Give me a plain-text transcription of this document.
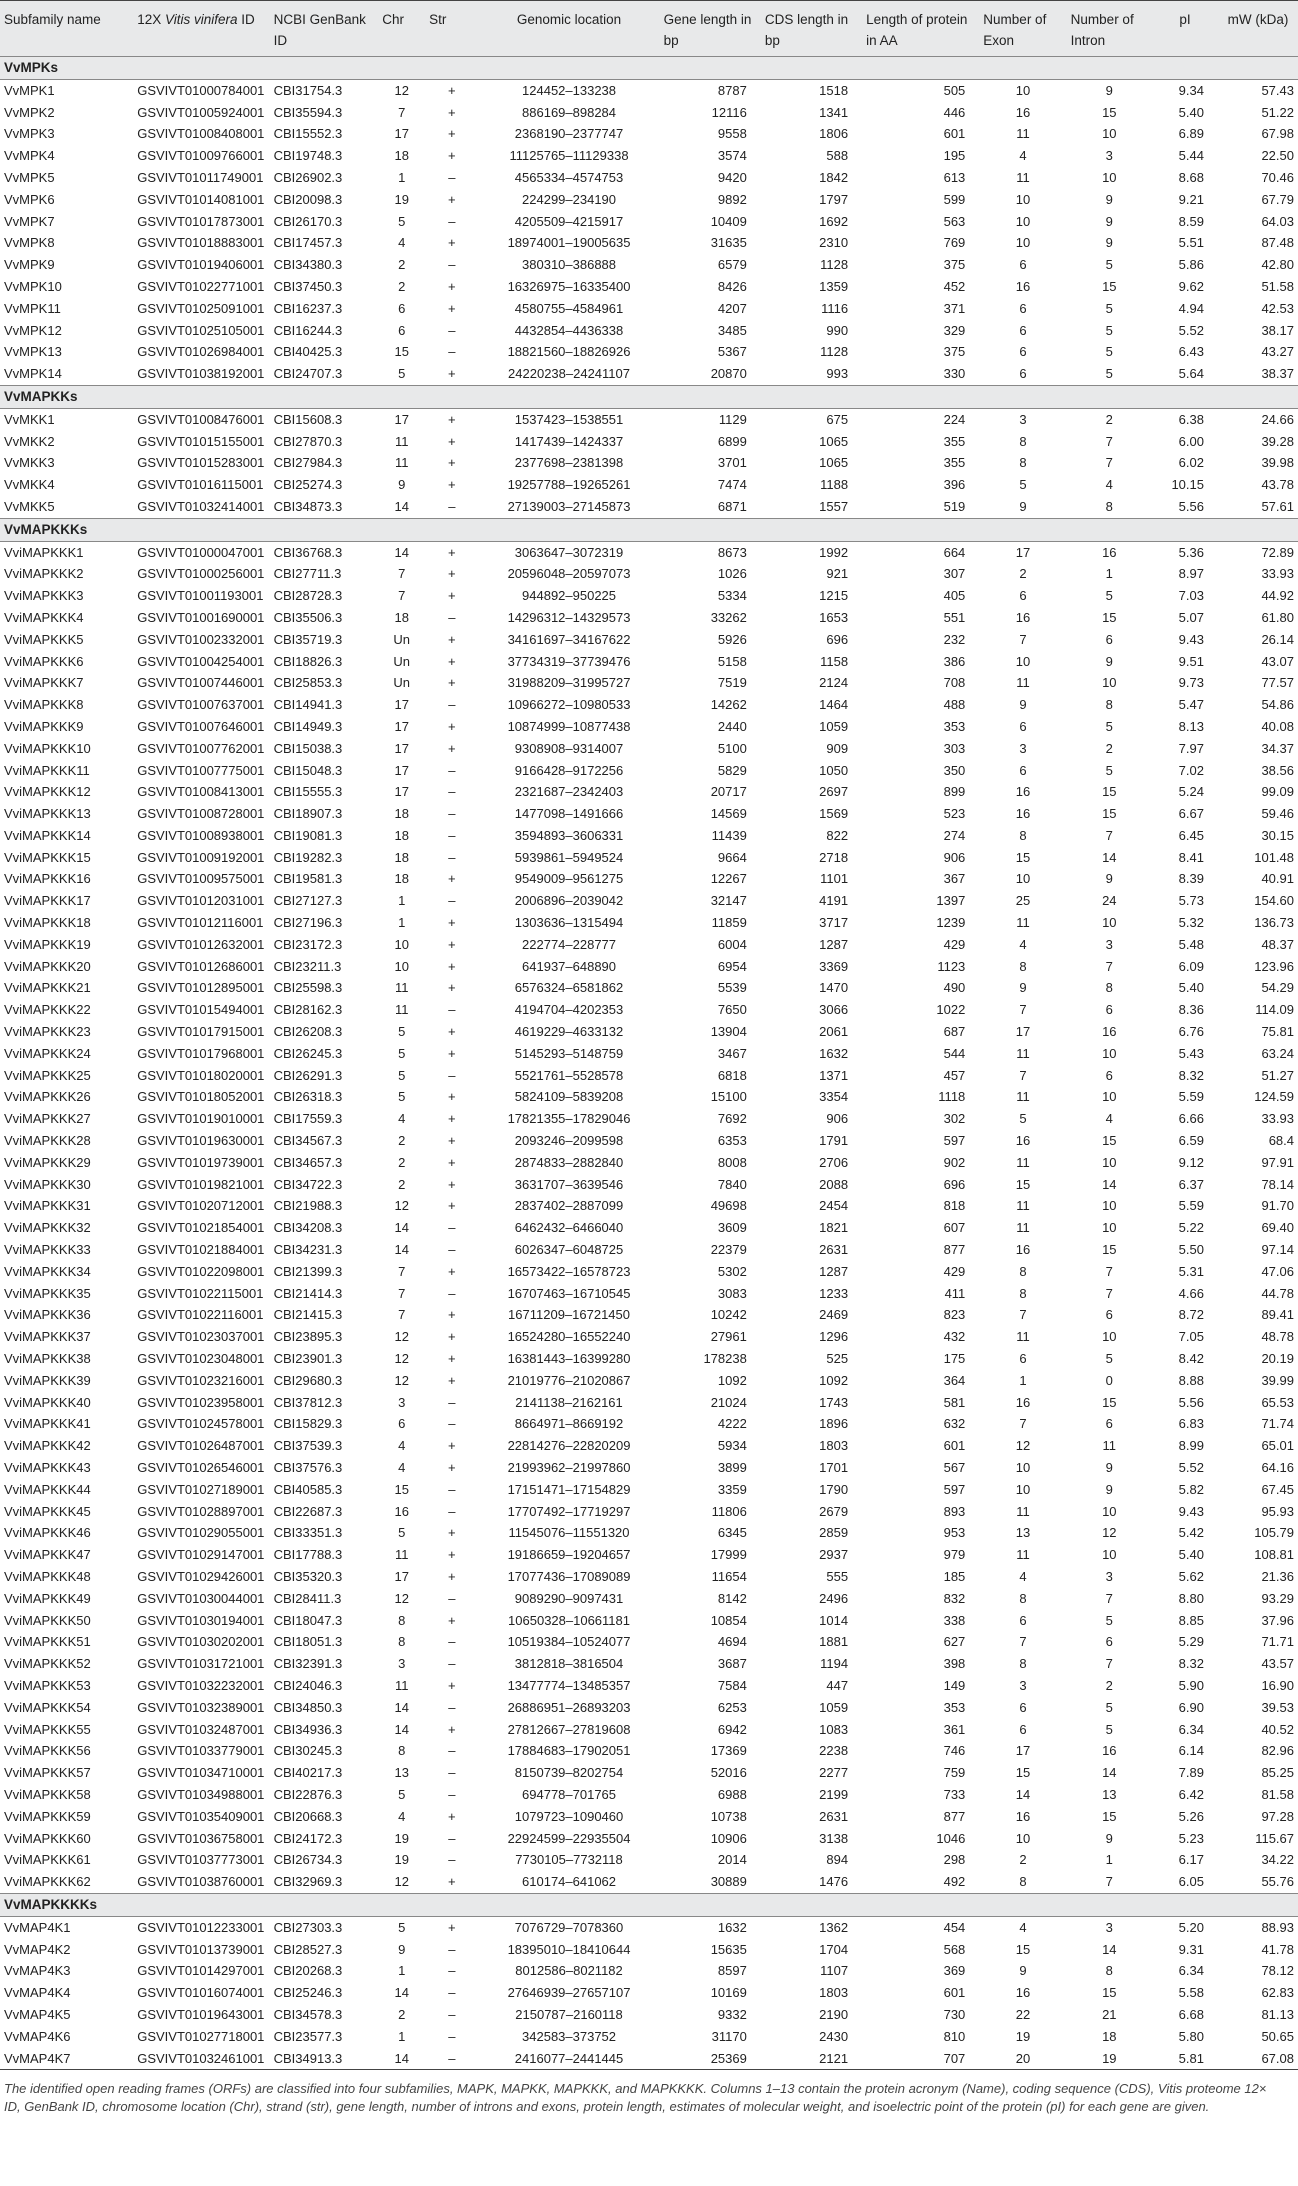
Subfamily name	12X Vitis vinifera ID	NCBI GenBank ID	Chr	Str	Genomic location	Gene length in bp	CDS length in bp	Length of protein in AA	Number of Exon	Number of Intron	pI	mW (kDa)
VvMPKs												
VvMPK1	GSVIVT01000784001	CBI31754.3	12	+	124452–133238	8787	1518	505	10	9	9.34	57.43
VvMPK2	GSVIVT01005924001	CBI35594.3	7	+	886169–898284	12116	1341	446	16	15	5.40	51.22
VvMPK3	GSVIVT01008408001	CBI15552.3	17	+	2368190–2377747	9558	1806	601	11	10	6.89	67.98
VvMPK4	GSVIVT01009766001	CBI19748.3	18	+	11125765–11129338	3574	588	195	4	3	5.44	22.50
VvMPK5	GSVIVT01011749001	CBI26902.3	1	–	4565334–4574753	9420	1842	613	11	10	8.68	70.46
VvMPK6	GSVIVT01014081001	CBI20098.3	19	+	224299–234190	9892	1797	599	10	9	9.21	67.79
VvMPK7	GSVIVT01017873001	CBI26170.3	5	–	4205509–4215917	10409	1692	563	10	9	8.59	64.03
VvMPK8	GSVIVT01018883001	CBI17457.3	4	+	18974001–19005635	31635	2310	769	10	9	5.51	87.48
VvMPK9	GSVIVT01019406001	CBI34380.3	2	–	380310–386888	6579	1128	375	6	5	5.86	42.80
VvMPK10	GSVIVT01022771001	CBI37450.3	2	+	16326975–16335400	8426	1359	452	16	15	9.62	51.58
VvMPK11	GSVIVT01025091001	CBI16237.3	6	+	4580755–4584961	4207	1116	371	6	5	4.94	42.53
VvMPK12	GSVIVT01025105001	CBI16244.3	6	–	4432854–4436338	3485	990	329	6	5	5.52	38.17
VvMPK13	GSVIVT01026984001	CBI40425.3	15	–	18821560–18826926	5367	1128	375	6	5	6.43	43.27
VvMPK14	GSVIVT01038192001	CBI24707.3	5	+	24220238–24241107	20870	993	330	6	5	5.64	38.37
VvMAPKKs												
VvMKK1	GSVIVT01008476001	CBI15608.3	17	+	1537423–1538551	1129	675	224	3	2	6.38	24.66
VvMKK2	GSVIVT01015155001	CBI27870.3	11	+	1417439–1424337	6899	1065	355	8	7	6.00	39.28
VvMKK3	GSVIVT01015283001	CBI27984.3	11	+	2377698–2381398	3701	1065	355	8	7	6.02	39.98
VvMKK4	GSVIVT01016115001	CBI25274.3	9	+	19257788–19265261	7474	1188	396	5	4	10.15	43.78
VvMKK5	GSVIVT01032414001	CBI34873.3	14	–	27139003–27145873	6871	1557	519	9	8	5.56	57.61
VvMAPKKKs												
VviMAPKKK1	GSVIVT01000047001	CBI36768.3	14	+	3063647–3072319	8673	1992	664	17	16	5.36	72.89
VviMAPKKK2	GSVIVT01000256001	CBI27711.3	7	+	20596048–20597073	1026	921	307	2	1	8.97	33.93
VviMAPKKK3	GSVIVT01001193001	CBI28728.3	7	+	944892–950225	5334	1215	405	6	5	7.03	44.92
VviMAPKKK4	GSVIVT01001690001	CBI35506.3	18	–	14296312–14329573	33262	1653	551	16	15	5.07	61.80
VviMAPKKK5	GSVIVT01002332001	CBI35719.3	Un	+	34161697–34167622	5926	696	232	7	6	9.43	26.14
VviMAPKKK6	GSVIVT01004254001	CBI18826.3	Un	+	37734319–37739476	5158	1158	386	10	9	9.51	43.07
VviMAPKKK7	GSVIVT01007446001	CBI25853.3	Un	+	31988209–31995727	7519	2124	708	11	10	9.73	77.57
VviMAPKKK8	GSVIVT01007637001	CBI14941.3	17	–	10966272–10980533	14262	1464	488	9	8	5.47	54.86
VviMAPKKK9	GSVIVT01007646001	CBI14949.3	17	+	10874999–10877438	2440	1059	353	6	5	8.13	40.08
VviMAPKKK10	GSVIVT01007762001	CBI15038.3	17	+	9308908–9314007	5100	909	303	3	2	7.97	34.37
VviMAPKKK11	GSVIVT01007775001	CBI15048.3	17	–	9166428–9172256	5829	1050	350	6	5	7.02	38.56
VviMAPKKK12	GSVIVT01008413001	CBI15555.3	17	–	2321687–2342403	20717	2697	899	16	15	5.24	99.09
VviMAPKKK13	GSVIVT01008728001	CBI18907.3	18	–	1477098–1491666	14569	1569	523	16	15	6.67	59.46
VviMAPKKK14	GSVIVT01008938001	CBI19081.3	18	–	3594893–3606331	11439	822	274	8	7	6.45	30.15
VviMAPKKK15	GSVIVT01009192001	CBI19282.3	18	–	5939861–5949524	9664	2718	906	15	14	8.41	101.48
VviMAPKKK16	GSVIVT01009575001	CBI19581.3	18	+	9549009–9561275	12267	1101	367	10	9	8.39	40.91
VviMAPKKK17	GSVIVT01012031001	CBI27127.3	1	–	2006896–2039042	32147	4191	1397	25	24	5.73	154.60
VviMAPKKK18	GSVIVT01012116001	CBI27196.3	1	+	1303636–1315494	11859	3717	1239	11	10	5.32	136.73
VviMAPKKK19	GSVIVT01012632001	CBI23172.3	10	+	222774–228777	6004	1287	429	4	3	5.48	48.37
VviMAPKKK20	GSVIVT01012686001	CBI23211.3	10	+	641937–648890	6954	3369	1123	8	7	6.09	123.96
VviMAPKKK21	GSVIVT01012895001	CBI25598.3	11	+	6576324–6581862	5539	1470	490	9	8	5.40	54.29
VviMAPKKK22	GSVIVT01015494001	CBI28162.3	11	–	4194704–4202353	7650	3066	1022	7	6	8.36	114.09
VviMAPKKK23	GSVIVT01017915001	CBI26208.3	5	+	4619229–4633132	13904	2061	687	17	16	6.76	75.81
VviMAPKKK24	GSVIVT01017968001	CBI26245.3	5	+	5145293–5148759	3467	1632	544	11	10	5.43	63.24
VviMAPKKK25	GSVIVT01018020001	CBI26291.3	5	–	5521761–5528578	6818	1371	457	7	6	8.32	51.27
VviMAPKKK26	GSVIVT01018052001	CBI26318.3	5	+	5824109–5839208	15100	3354	1118	11	10	5.59	124.59
VviMAPKKK27	GSVIVT01019010001	CBI17559.3	4	+	17821355–17829046	7692	906	302	5	4	6.66	33.93
VviMAPKKK28	GSVIVT01019630001	CBI34567.3	2	+	2093246–2099598	6353	1791	597	16	15	6.59	68.4
VviMAPKKK29	GSVIVT01019739001	CBI34657.3	2	+	2874833–2882840	8008	2706	902	11	10	9.12	97.91
VviMAPKKK30	GSVIVT01019821001	CBI34722.3	2	+	3631707–3639546	7840	2088	696	15	14	6.37	78.14
VviMAPKKK31	GSVIVT01020712001	CBI21988.3	12	+	2837402–2887099	49698	2454	818	11	10	5.59	91.70
VviMAPKKK32	GSVIVT01021854001	CBI34208.3	14	–	6462432–6466040	3609	1821	607	11	10	5.22	69.40
VviMAPKKK33	GSVIVT01021884001	CBI34231.3	14	–	6026347–6048725	22379	2631	877	16	15	5.50	97.14
VviMAPKKK34	GSVIVT01022098001	CBI21399.3	7	+	16573422–16578723	5302	1287	429	8	7	5.31	47.06
VviMAPKKK35	GSVIVT01022115001	CBI21414.3	7	–	16707463–16710545	3083	1233	411	8	7	4.66	44.78
VviMAPKKK36	GSVIVT01022116001	CBI21415.3	7	+	16711209–16721450	10242	2469	823	7	6	8.72	89.41
VviMAPKKK37	GSVIVT01023037001	CBI23895.3	12	+	16524280–16552240	27961	1296	432	11	10	7.05	48.78
VviMAPKKK38	GSVIVT01023048001	CBI23901.3	12	+	16381443–16399280	178238	525	175	6	5	8.42	20.19
VviMAPKKK39	GSVIVT01023216001	CBI29680.3	12	+	21019776–21020867	1092	1092	364	1	0	8.88	39.99
VviMAPKKK40	GSVIVT01023958001	CBI37812.3	3	–	2141138–2162161	21024	1743	581	16	15	5.56	65.53
VviMAPKKK41	GSVIVT01024578001	CBI15829.3	6	–	8664971–8669192	4222	1896	632	7	6	6.83	71.74
VviMAPKKK42	GSVIVT01026487001	CBI37539.3	4	+	22814276–22820209	5934	1803	601	12	11	8.99	65.01
VviMAPKKK43	GSVIVT01026546001	CBI37576.3	4	+	21993962–21997860	3899	1701	567	10	9	5.52	64.16
VviMAPKKK44	GSVIVT01027189001	CBI40585.3	15	–	17151471–17154829	3359	1790	597	10	9	5.82	67.45
VviMAPKKK45	GSVIVT01028897001	CBI22687.3	16	–	17707492–17719297	11806	2679	893	11	10	9.43	95.93
VviMAPKKK46	GSVIVT01029055001	CBI33351.3	5	+	11545076–11551320	6345	2859	953	13	12	5.42	105.79
VviMAPKKK47	GSVIVT01029147001	CBI17788.3	11	+	19186659–19204657	17999	2937	979	11	10	5.40	108.81
VviMAPKKK48	GSVIVT01029426001	CBI35320.3	17	+	17077436–17089089	11654	555	185	4	3	5.62	21.36
VviMAPKKK49	GSVIVT01030044001	CBI28411.3	12	–	9089290–9097431	8142	2496	832	8	7	8.80	93.29
VviMAPKKK50	GSVIVT01030194001	CBI18047.3	8	+	10650328–10661181	10854	1014	338	6	5	8.85	37.96
VviMAPKKK51	GSVIVT01030202001	CBI18051.3	8	–	10519384–10524077	4694	1881	627	7	6	5.29	71.71
VviMAPKKK52	GSVIVT01031721001	CBI32391.3	3	–	3812818–3816504	3687	1194	398	8	7	8.32	43.57
VviMAPKKK53	GSVIVT01032232001	CBI24046.3	11	+	13477774–13485357	7584	447	149	3	2	5.90	16.90
VviMAPKKK54	GSVIVT01032389001	CBI34850.3	14	–	26886951–26893203	6253	1059	353	6	5	6.90	39.53
VviMAPKKK55	GSVIVT01032487001	CBI34936.3	14	+	27812667–27819608	6942	1083	361	6	5	6.34	40.52
VviMAPKKK56	GSVIVT01033779001	CBI30245.3	8	–	17884683–17902051	17369	2238	746	17	16	6.14	82.96
VviMAPKKK57	GSVIVT01034710001	CBI40217.3	13	–	8150739–8202754	52016	2277	759	15	14	7.89	85.25
VviMAPKKK58	GSVIVT01034988001	CBI22876.3	5	–	694778–701765	6988	2199	733	14	13	6.42	81.58
VviMAPKKK59	GSVIVT01035409001	CBI20668.3	4	+	1079723–1090460	10738	2631	877	16	15	5.26	97.28
VviMAPKKK60	GSVIVT01036758001	CBI24172.3	19	–	22924599–22935504	10906	3138	1046	10	9	5.23	115.67
VviMAPKKK61	GSVIVT01037773001	CBI26734.3	19	–	7730105–7732118	2014	894	298	2	1	6.17	34.22
VviMAPKKK62	GSVIVT01038760001	CBI32969.3	12	+	610174–641062	30889	1476	492	8	7	6.05	55.76
VvMAPKKKKs												
VvMAP4K1	GSVIVT01012233001	CBI27303.3	5	+	7076729–7078360	1632	1362	454	4	3	5.20	88.93
VvMAP4K2	GSVIVT01013739001	CBI28527.3	9	–	18395010–18410644	15635	1704	568	15	14	9.31	41.78
VvMAP4K3	GSVIVT01014297001	CBI20268.3	1	–	8012586–8021182	8597	1107	369	9	8	6.34	78.12
VvMAP4K4	GSVIVT01016074001	CBI25246.3	14	–	27646939–27657107	10169	1803	601	16	15	5.58	62.83
VvMAP4K5	GSVIVT01019643001	CBI34578.3	2	–	2150787–2160118	9332	2190	730	22	21	6.68	81.13
VvMAP4K6	GSVIVT01027718001	CBI23577.3	1	–	342583–373752	31170	2430	810	19	18	5.80	50.65
VvMAP4K7	GSVIVT01032461001	CBI34913.3	14	–	2416077–2441445	25369	2121	707	20	19	5.81	67.08
The identified open reading frames (ORFs) are classified into four subfamilies, MAPK, MAPKK, MAPKKK, and MAPKKKK. Columns 1–13 contain the protein acronym (Name), coding sequence (CDS), Vitis proteome 12× ID, GenBank ID, chromosome location (Chr), strand (str), gene length, number of introns and exons, protein length, estimates of molecular weight, and isoelectric point of the protein (pI) for each gene are given.
